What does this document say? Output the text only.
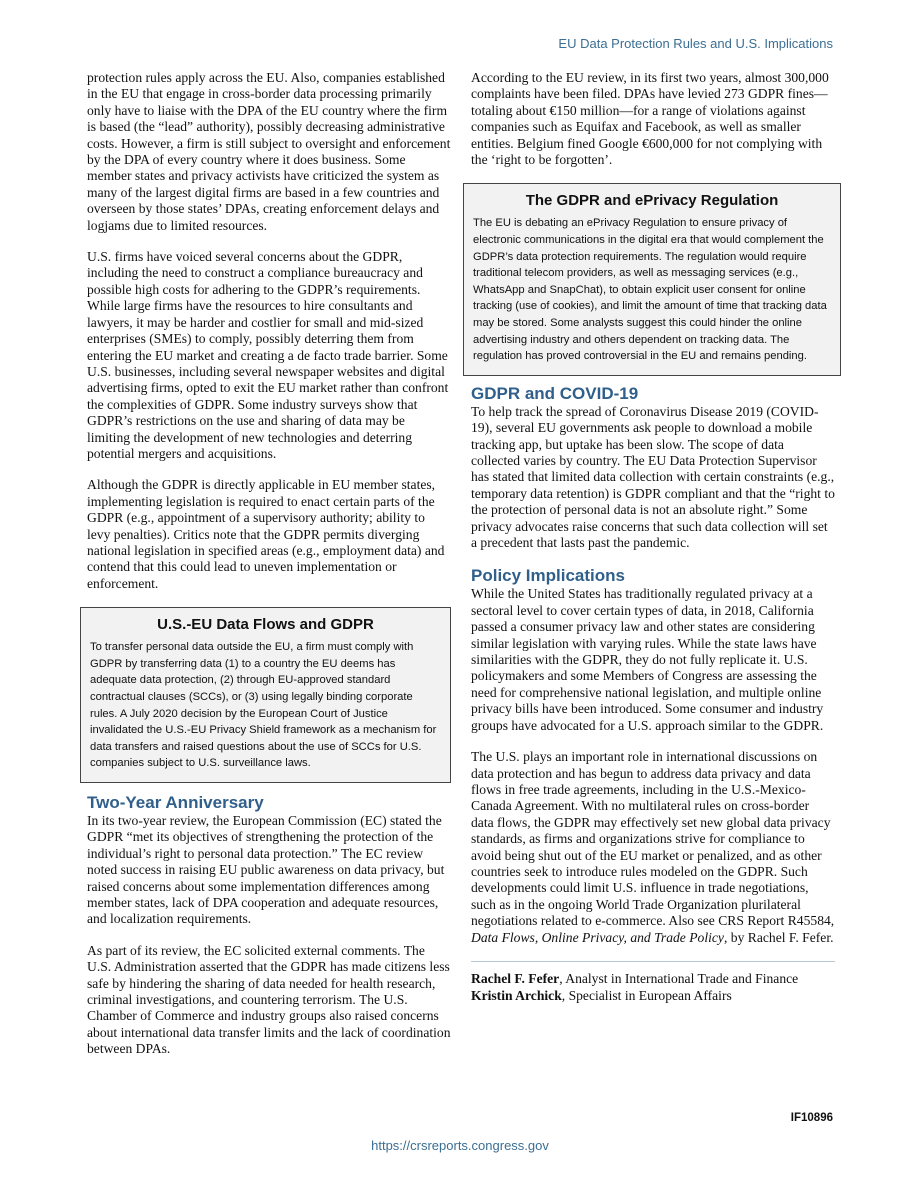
EU Data Protection Rules and U.S. Implications

protection rules apply across the EU. Also, companies established in the EU that engage in cross-border data processing primarily only have to liaise with the DPA of the EU country where the firm is based (the “lead” authority), possibly decreasing administrative costs. However, a firm is still subject to oversight and enforcement by the DPA of every country where it does business. Some member states and privacy activists have criticized the system as many of the largest digital firms are based in a few countries and overseen by those states’ DPAs, creating enforcement delays and logjams due to limited resources.

U.S. firms have voiced several concerns about the GDPR, including the need to construct a compliance bureaucracy and possible high costs for adhering to the GDPR’s requirements. While large firms have the resources to hire consultants and lawyers, it may be harder and costlier for small and mid-sized enterprises (SMEs) to comply, possibly deterring them from entering the EU market and creating a de facto trade barrier. Some U.S. businesses, including several newspaper websites and digital advertising firms, opted to exit the EU market rather than confront the complexities of GDPR. Some industry surveys show that GDPR’s restrictions on the use and sharing of data may be limiting the development of new technologies and deterring potential mergers and acquisitions.

Although the GDPR is directly applicable in EU member states, implementing legislation is required to enact certain parts of the GDPR (e.g., appointment of a supervisory authority; ability to levy penalties). Critics note that the GDPR permits diverging national legislation in specified areas (e.g., employment data) and contend that this could lead to uneven implementation or enforcement.

U.S.-EU Data Flows and GDPR

To transfer personal data outside the EU, a firm must comply with GDPR by transferring data (1) to a country the EU deems has adequate data protection, (2) through EU-approved standard contractual clauses (SCCs), or (3) using legally binding corporate rules. A July 2020 decision by the European Court of Justice invalidated the U.S.-EU Privacy Shield framework as a mechanism for data transfers and raised questions about the use of SCCs for U.S. companies subject to U.S. surveillance laws.

Two-Year Anniversary

In its two-year review, the European Commission (EC) stated the GDPR “met its objectives of strengthening the protection of the individual’s right to personal data protection.” The EC review noted success in raising EU public awareness on data privacy, but raised concerns about some implementation differences among member states, lack of DPA cooperation and adequate resources, and localization requirements.

As part of its review, the EC solicited external comments. The U.S. Administration asserted that the GDPR has made citizens less safe by hindering the sharing of data needed for health research, criminal investigations, and countering terrorism. The U.S. Chamber of Commerce and industry groups also raised concerns about international data transfer limits and the lack of coordination between DPAs.

According to the EU review, in its first two years, almost 300,000 complaints have been filed. DPAs have levied 273 GDPR fines—totaling about €150 million—for a range of violations against companies such as Equifax and Facebook, as well as smaller entities. Belgium fined Google €600,000 for not complying with the ‘right to be forgotten’.

The GDPR and ePrivacy Regulation

The EU is debating an ePrivacy Regulation to ensure privacy of electronic communications in the digital era that would complement the GDPR’s data protection requirements. The regulation would require traditional telecom providers, as well as messaging services (e.g., WhatsApp and SnapChat), to obtain explicit user consent for online tracking (use of cookies), and limit the amount of time that tracking data may be stored. Some analysts suggest this could hinder the online advertising industry and others dependent on tracking data. The regulation has proved controversial in the EU and remains pending.

GDPR and COVID-19

To help track the spread of Coronavirus Disease 2019 (COVID-19), several EU governments ask people to download a mobile tracking app, but uptake has been slow. The scope of data collected varies by country. The EU Data Protection Supervisor has stated that limited data collection with certain constraints (e.g., temporary data retention) is GDPR compliant and that the “right to the protection of personal data is not an absolute right.” Some privacy advocates raise concerns that such data collection will set a precedent that lasts past the pandemic.

Policy Implications

While the United States has traditionally regulated privacy at a sectoral level to cover certain types of data, in 2018, California passed a consumer privacy law and other states are considering similar legislation with varying rules. While the state laws have similarities with the GDPR, they do not fully replicate it. U.S. policymakers and some Members of Congress are assessing the need for comprehensive national legislation, and multiple online privacy bills have been introduced. Some consumer and industry groups have advocated for a U.S. approach similar to the GDPR.

The U.S. plays an important role in international discussions on data protection and has begun to address data privacy and data flows in free trade agreements, including in the U.S.-Mexico-Canada Agreement. With no multilateral rules on cross-border data flows, the GDPR may effectively set new global data privacy standards, as firms and organizations strive for compliance to avoid being shut out of the EU market or penalized, and as other countries seek to introduce rules modeled on the GDPR. Such developments could limit U.S. influence in trade negotiations, such as in the ongoing World Trade Organization plurilateral negotiations related to e-commerce. Also see CRS Report R45584, Data Flows, Online Privacy, and Trade Policy, by Rachel F. Fefer.

Rachel F. Fefer, Analyst in International Trade and Finance
Kristin Archick, Specialist in European Affairs
IF10896
https://crsreports.congress.gov
